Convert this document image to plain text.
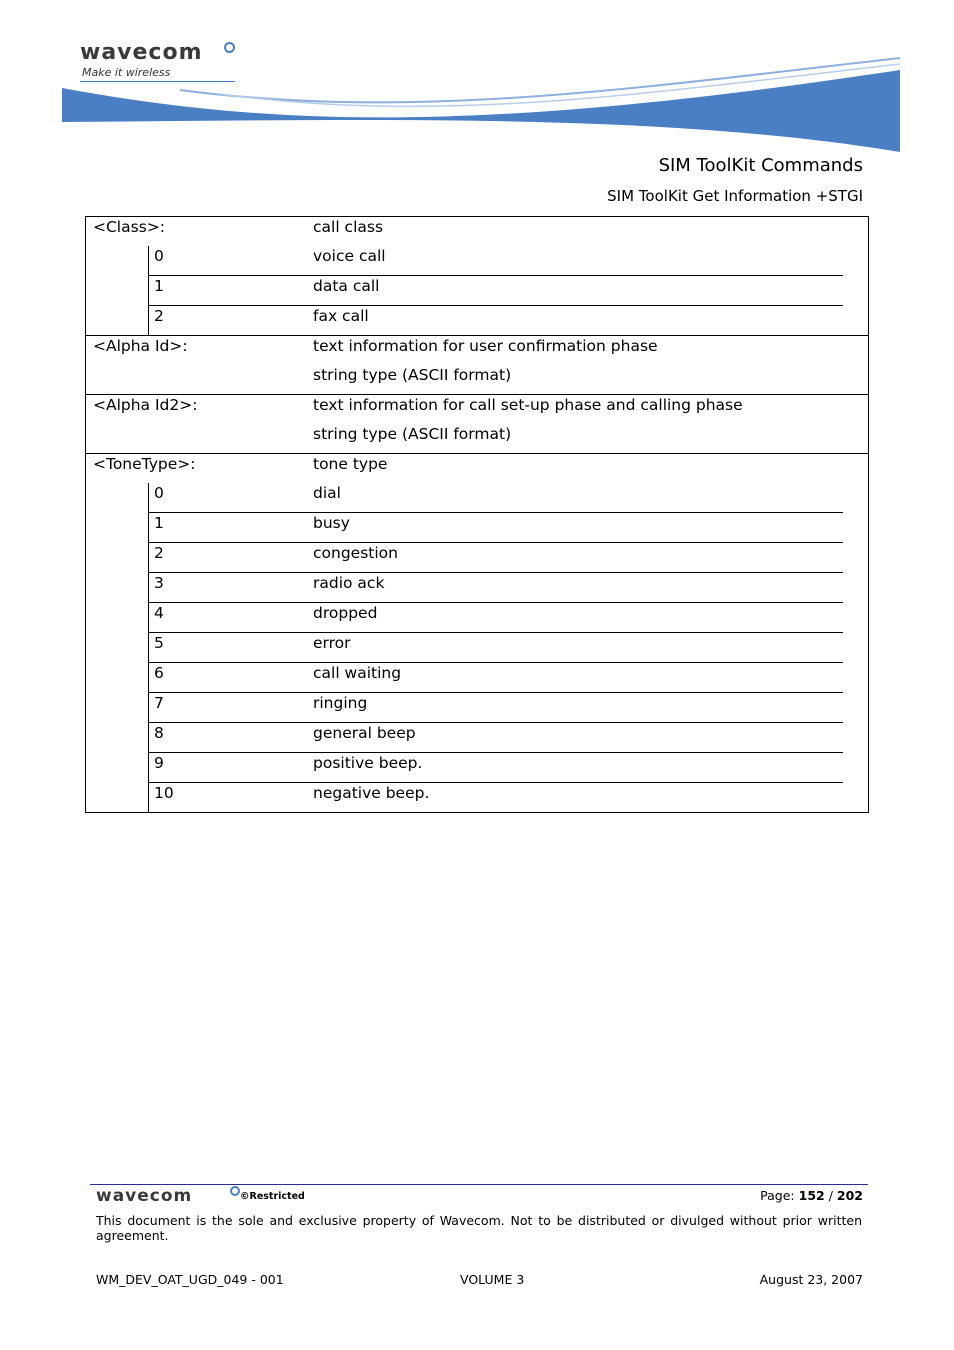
wavecom
Make it wireless
SIM ToolKit Commands
SIM ToolKit Get Information +STGI
<Class>:	call class
0	voice call
1	data call
2	fax call
<Alpha Id>:	text information for user confirmation phase
string type (ASCII format)
<Alpha Id2>:	text information for call set-up phase and calling phase
string type (ASCII format)
<ToneType>:	tone type
0	dial
1	busy
2	congestion
3	radio ack
4	dropped
5	error
6	call waiting
7	ringing
8	general beep
9	positive beep.
10	negative beep.
wavecom	©Restricted	Page: 152 / 202
This document is the sole and exclusive property of Wavecom. Not to be distributed or divulged without prior written agreement.
WM_DEV_OAT_UGD_049 - 001	VOLUME 3	August 23, 2007
